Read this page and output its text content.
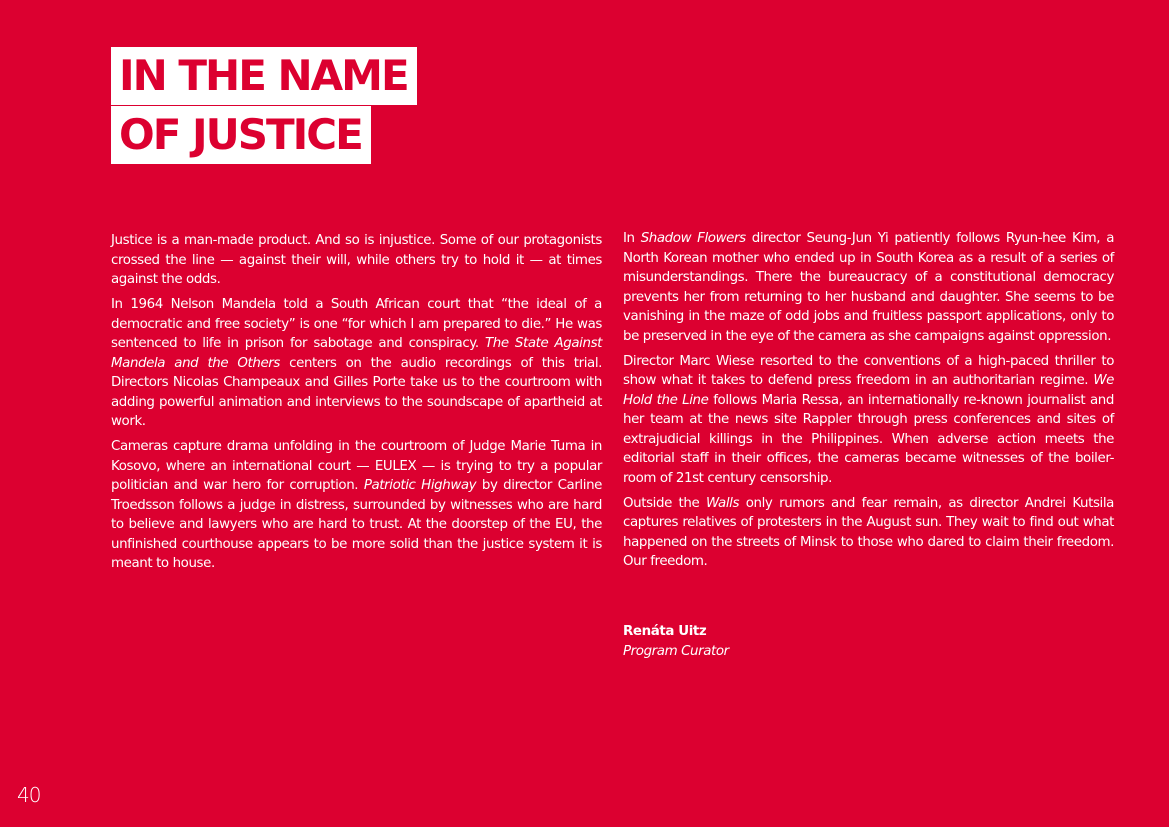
IN THE NAME
OF JUSTICE

Justice is a man-made product. And so is injustice. Some of our protagonists crossed the line — against their will, while others try to hold it — at times against the odds.

In 1964 Nelson Mandela told a South African court that “the ideal of a democratic and free society” is one “for which I am prepared to die.” He was sentenced to life in prison for sabotage and conspiracy. The State Against Mandela and the Others centers on the audio recordings of this trial. Directors Nicolas Champeaux and Gilles Porte take us to the courtroom with adding powerful animation and interviews to the soundscape of apartheid at work.

Cameras capture drama unfolding in the courtroom of Judge Marie Tuma in Kosovo, where an international court — EULEX — is trying to try a popular politician and war hero for corruption. Patriotic Highway by director Carline Troedsson follows a judge in distress, surrounded by witnesses who are hard to believe and lawyers who are hard to trust. At the doorstep of the EU, the unfinished courthouse appears to be more solid than the justice system it is meant to house.

In Shadow Flowers director Seung-Jun Yi patiently follows Ryun-hee Kim, a North Korean mother who ended up in South Korea as a result of a series of misunderstandings. There the bureaucracy of a constitutional democracy prevents her from returning to her husband and daughter. She seems to be vanishing in the maze of odd jobs and fruitless passport applications, only to be preserved in the eye of the camera as she campaigns against oppression.

Director Marc Wiese resorted to the conventions of a high-paced thriller to show what it takes to defend press freedom in an authoritarian regime. We Hold the Line follows Maria Ressa, an internationally re-known journalist and her team at the news site Rappler through press conferences and sites of extrajudicial killings in the Philippines. When adverse action meets the editorial staff in their offices, the cameras became witnesses of the boiler-room of 21st century censorship.

Outside the Walls only rumors and fear remain, as director Andrei Kutsila captures relatives of protesters in the August sun. They wait to find out what happened on the streets of Minsk to those who dared to claim their freedom. Our freedom.

Renáta Uitz
Program Curator
40
